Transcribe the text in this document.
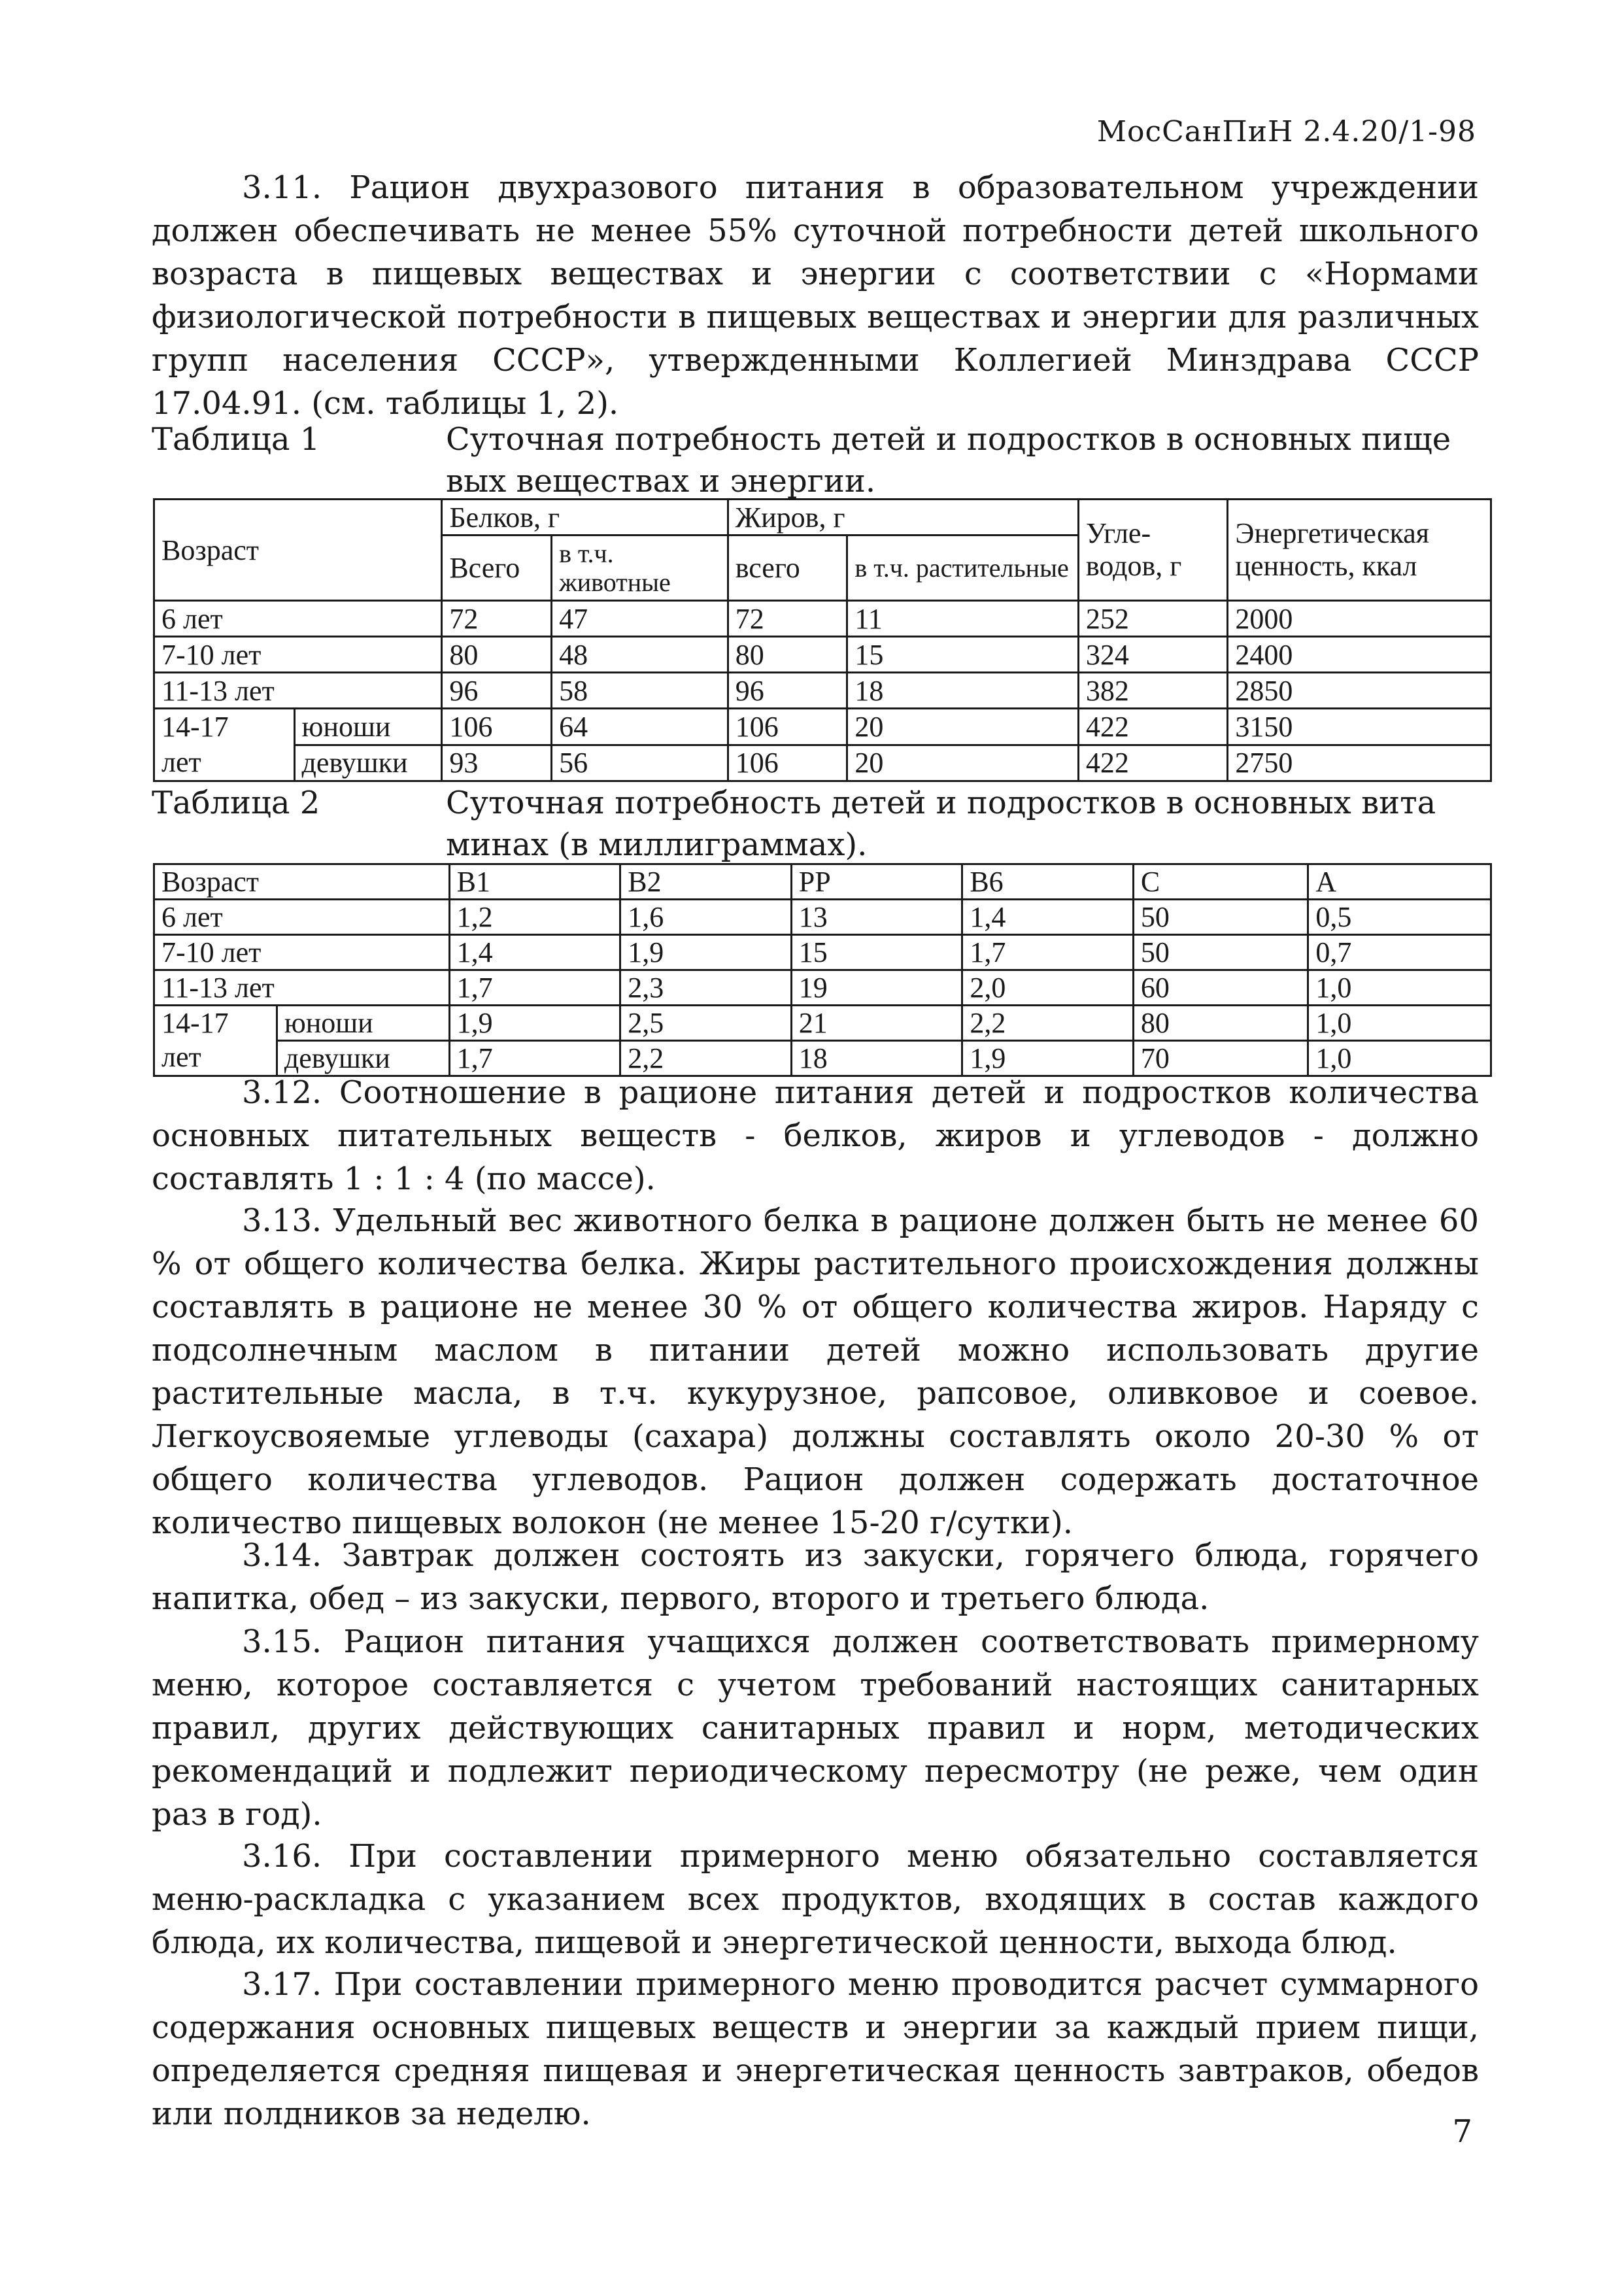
МосСанПиН 2.4.20/1-98

3.11. Рацион двухразового питания в образовательном учреждении должен обеспечивать не менее 55% суточной потребности детей школьного возраста в пищевых веществах и энергии с соответствии с «Нормами физиологической потребности в пищевых веществах и энергии для различных групп населения СССР», утвержденными Коллегией Минздрава СССР 17.04.91. (см. таблицы 1, 2).

Таблица 1	Суточная потребность детей и подростков в основных пище
вых веществах и энергии.
Возраст		Белков, г		Жиров, г		Угле-водов, г	Энергетическая ценность, ккал
		Всего	в т.ч. животные	всего	в т.ч. растительные		
6 лет		72	47	72	11	252	2000
7-10 лет		80	48	80	15	324	2400
11-13 лет		96	58	96	18	382	2850
14-17
лет	юноши	106	64	106	20	422	3150
	девушки	93	56	106	20	422	2750
Таблица 2	Суточная потребность детей и подростков в основных вита
минах (в миллиграммах).
Возраст		B1	B2	PP	B6	C	A
6 лет		1,2	1,6	13	1,4	50	0,5
7-10 лет		1,4	1,9	15	1,7	50	0,7
11-13 лет		1,7	2,3	19	2,0	60	1,0
14-17
лет	юноши	1,9	2,5	21	2,2	80	1,0
	девушки	1,7	2,2	18	1,9	70	1,0

3.12. Соотношение в рационе питания детей и подростков количества основных питательных веществ - белков, жиров и углеводов - должно составлять 1 : 1 : 4 (по массе).

3.13. Удельный вес животного белка в рационе должен быть не менее 60 % от общего количества белка. Жиры растительного происхождения должны составлять в рационе не менее 30 % от общего количества жиров. Наряду с подсолнечным маслом в питании детей можно использовать другие растительные масла, в т.ч. кукурузное, рапсовое, оливковое и соевое. Легкоусвояемые углеводы (сахара) должны составлять около 20-30 % от общего количества углеводов. Рацион должен содержать достаточное количество пищевых волокон (не менее 15-20 г/сутки).

3.14. Завтрак должен состоять из закуски, горячего блюда, горячего напитка, обед – из закуски, первого, второго и третьего блюда.

3.15. Рацион питания учащихся должен соответствовать примерному меню, которое составляется с учетом требований настоящих санитарных правил, других действующих санитарных правил и норм, методических рекомендаций и подлежит периодическому пересмотру (не реже, чем один раз в год).

3.16. При составлении примерного меню обязательно составляется меню-раскладка с указанием всех продуктов, входящих в состав каждого блюда, их количества, пищевой и энергетической ценности, выхода блюд.

3.17. При составлении примерного меню проводится расчет суммарного содержания основных пищевых веществ и энергии за каждый прием пищи, определяется средняя пищевая и энергетическая ценность завтраков, обедов или полдников за неделю.	7
